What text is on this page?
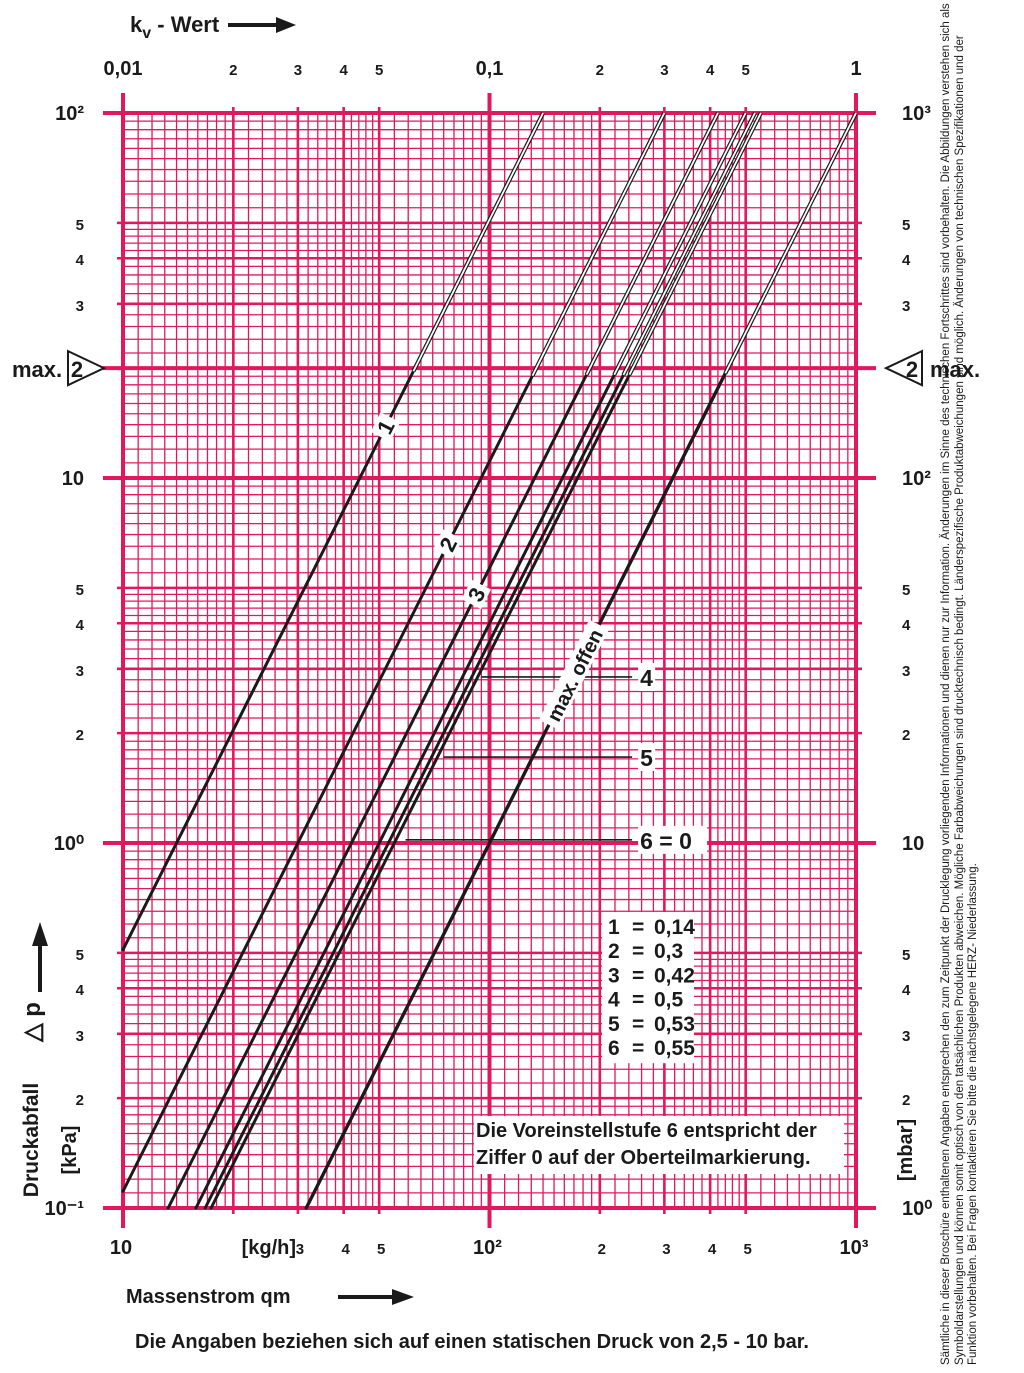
1
2
3
max. offen 4
5
6 = 0
10	3 4 5	10²	2	3 4 5	10³
[kg/h]
0,01	2	3 4 5	0,1	2	3 4 5	1
10⁻¹
2
3
4
5
10⁰
2
3
4
5
10
3
4
5
10²
10⁰
2
3
4
5
10
2
3
4
5
10²
3
4
5
10³
$k_v$ - Wert
Massenstrom qm
Druckabfall [kPa]
△ p
[mbar]
max. 2	2 max.
1 = 0,14
2 = 0,3
3 = 0,42
4 = 0,5
5 = 0,53
6 = 0,55
Die Voreinstellstufe 6 entspricht der
Ziffer 0 auf der Oberteilmarkierung.
Die Angaben beziehen sich auf einen statischen Druck von 2,5 - 10 bar.	Sämtliche in dieser Broschüre enthaltenen Angaben entsprechen den zum Zeitpunkt der Drucklegung vorliegenden Informationen und dienen nur zur Information. Änderungen im Sinne des technischen Fortschrittes sind vorbehalten. Die Abbildungen verstehen sich als Symboldarstellungen und können somit optisch von den tatsächlichen Produkten abweichen. Mögliche Farbabweichungen sind drucktechnisch bedingt. Länderspezifische Produktabweichungen sind möglich. Änderungen von technischen Spezifikationen und der Funktion vorbehalten. Bei Fragen kontaktieren Sie bitte die nächstgelegene HERZ- Niederlassung.
